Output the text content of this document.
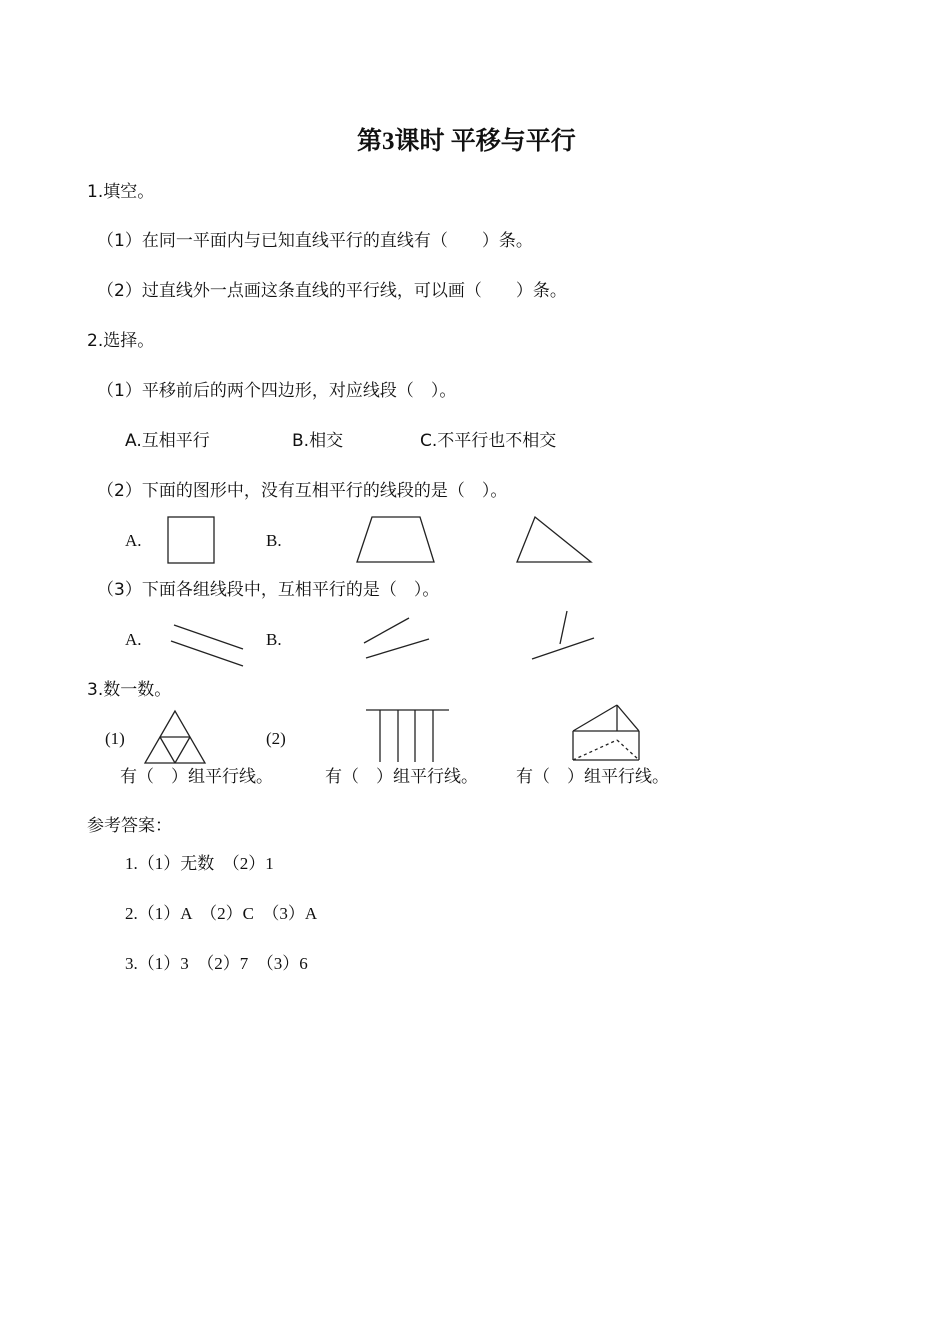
第3课时 平移与平行
1.填空。
（1）在同一平面内与已知直线平行的直线有（　　）条。
（2）过直线外一点画这条直线的平行线，可以画（　　）条。
2.选择。
（1）平移前后的两个四边形，对应线段（　）。
A.互相平行	B.相交	C.不平行也不相交
（2）下面的图形中，没有互相平行的线段的是（　）。
A.	B.
（3）下面各组线段中，互相平行的是（　）。
A.	B.
3.数一数。
(1)	(2)
有（　）组平行线。	有（　）组平行线。 有（　）组平行线。
参考答案：
1.（1）无数　（2）1
2.（1）A　（2）C　（3）A
3.（1）3　（2）7　（3）6
